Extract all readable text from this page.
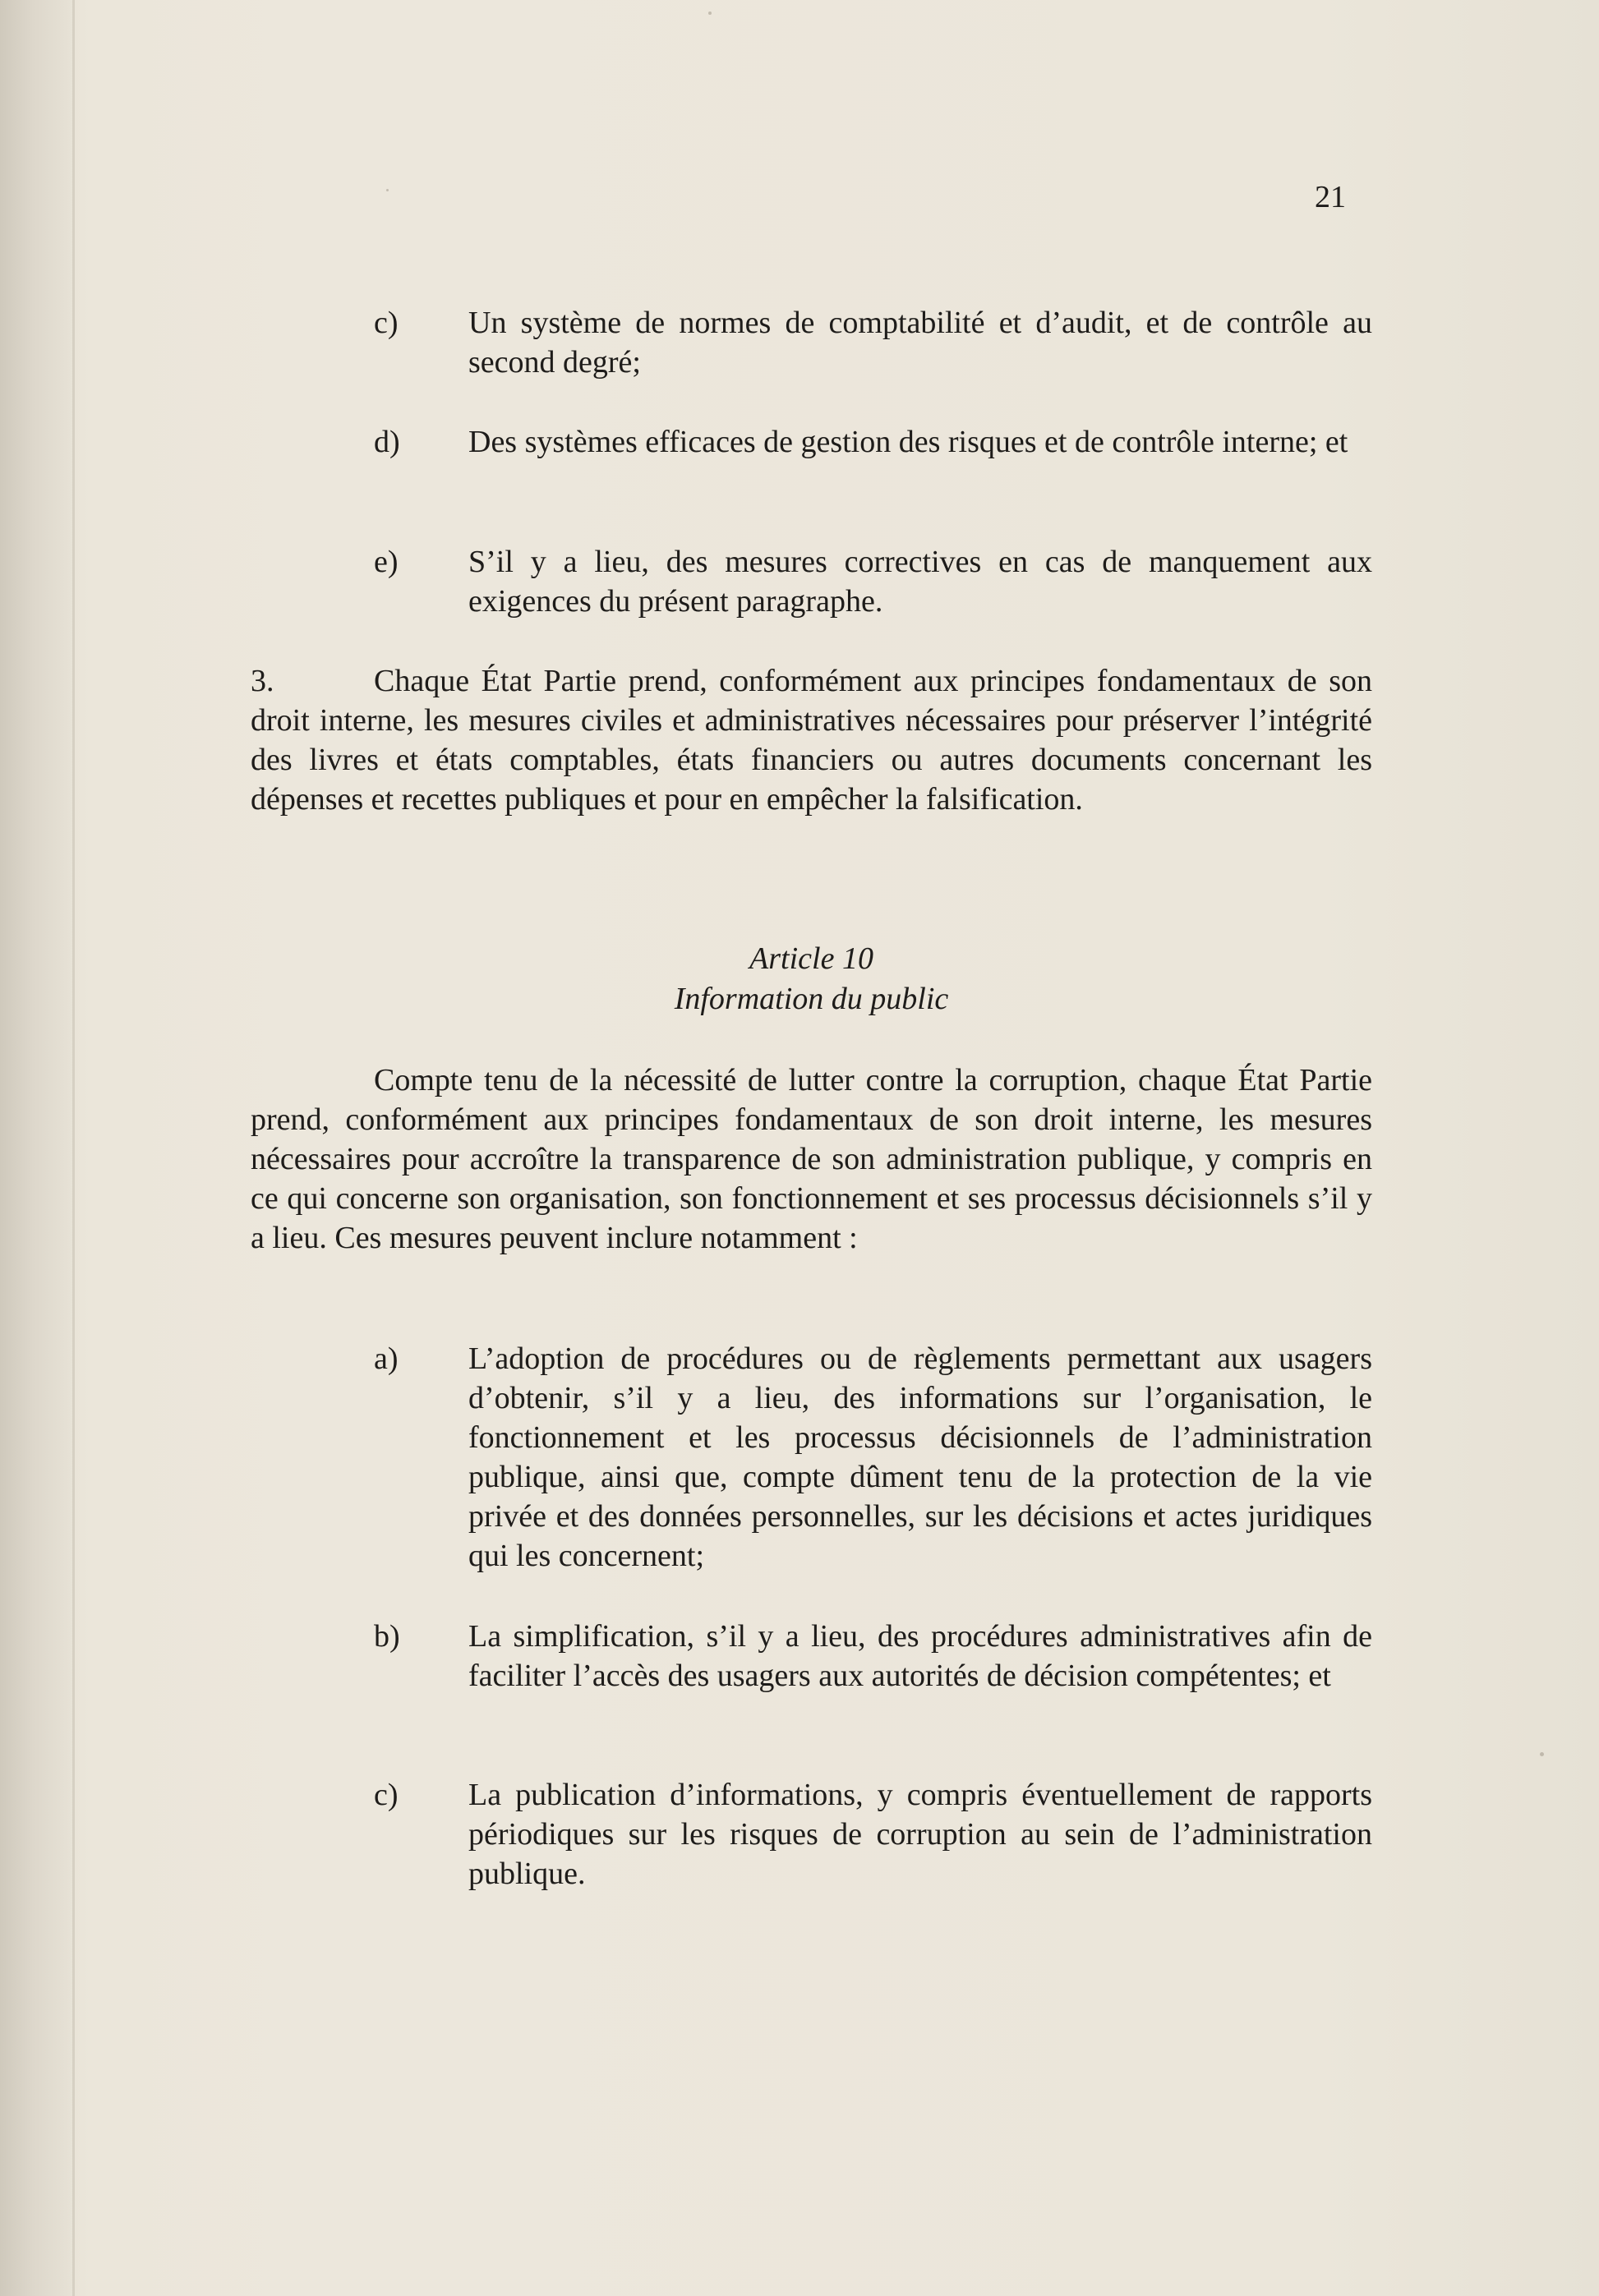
21
c)	Un système de normes de comptabilité et d’audit, et de contrôle au second degré;
d)	Des systèmes efficaces de gestion des risques et de contrôle interne; et
e)	S’il y a lieu, des mesures correctives en cas de manquement aux exigences du présent paragraphe.
3.	Chaque État Partie prend, conformément aux principes fondamentaux de son droit interne, les mesures civiles et administratives nécessaires pour préserver l’intégrité des livres et états comptables, états financiers ou autres documents concernant les dépenses et recettes publiques et pour en empêcher la falsification.
Article 10
Information du public
Compte tenu de la nécessité de lutter contre la corruption, chaque État Partie prend, conformément aux principes fondamentaux de son droit interne, les mesures nécessaires pour accroître la transparence de son administration publique, y compris en ce qui concerne son organisation, son fonctionnement et ses processus décisionnels s’il y a lieu. Ces mesures peuvent inclure notamment :
a)	L’adoption de procédures ou de règlements permettant aux usagers d’obtenir, s’il y a lieu, des informations sur l’organisation, le fonctionnement et les processus décisionnels de l’administration publique, ainsi que, compte dûment tenu de la protection de la vie privée et des données personnelles, sur les décisions et actes juridiques qui les concernent;
b)	La simplification, s’il y a lieu, des procédures administratives afin de faciliter l’accès des usagers aux autorités de décision compétentes; et
c)	La publication d’informations, y compris éventuellement de rapports périodiques sur les risques de corruption au sein de l’administration publique.
